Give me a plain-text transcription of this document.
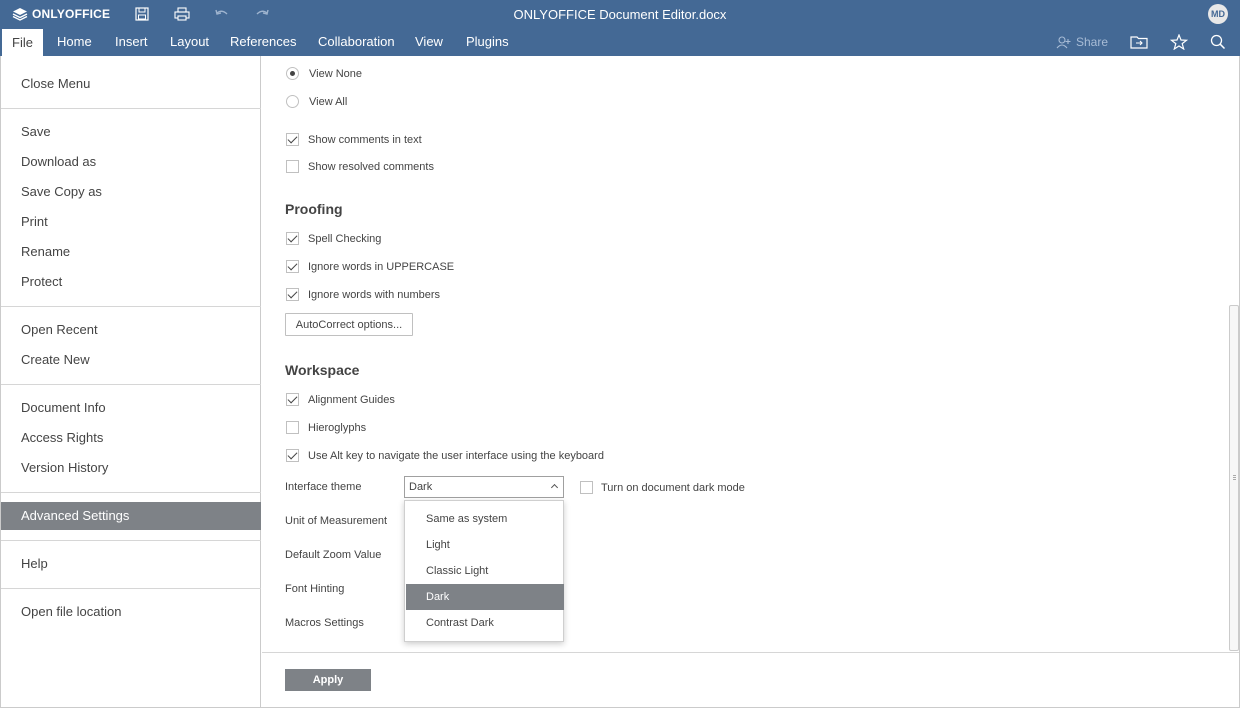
ONLYOFFICE	ONLYOFFICE Document Editor.docx	MD
File	Home	Insert	Layout	References	Collaboration	View	Plugins	Share
Close Menu
Save
Download as
Save Copy as
Print
Rename
Protect
Open Recent
Create New
Document Info
Access Rights
Version History
Advanced Settings
Help
Open file location
View None
View All
Show comments in text
Show resolved comments
Proofing
Spell Checking
Ignore words in UPPERCASE
Ignore words with numbers
AutoCorrect options...
Workspace
Alignment Guides
Hieroglyphs
Use Alt key to navigate the user interface using the keyboard
Interface theme	Dark	Turn on document dark mode
Unit of Measurement
Default Zoom Value
Font Hinting
Macros Settings
Same as system
Light
Classic Light
Dark
Contrast Dark
Apply
